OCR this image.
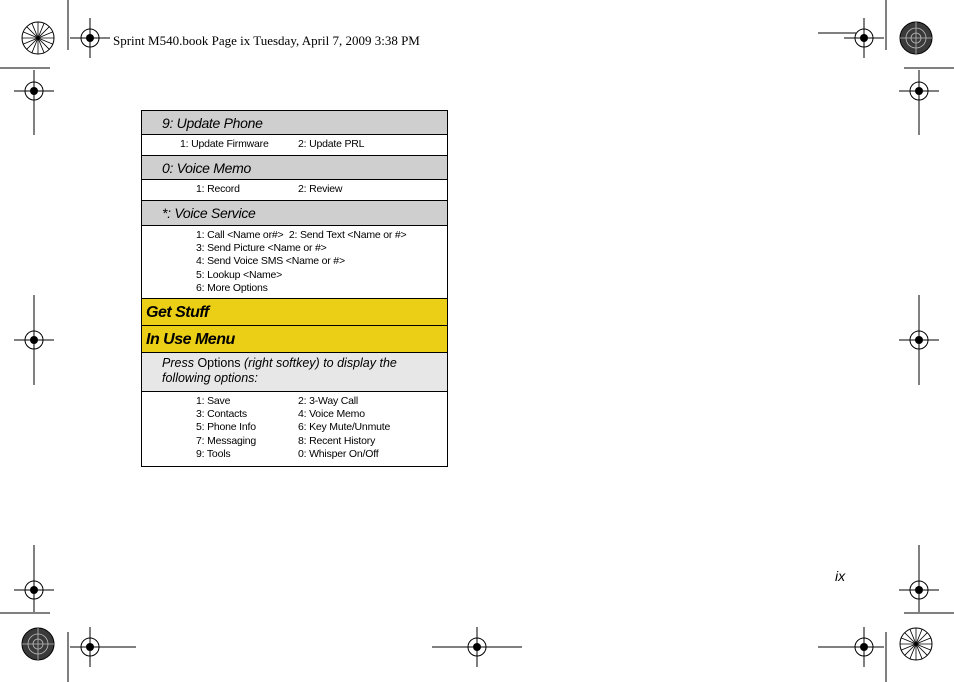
Sprint M540.book Page ix Tuesday, April 7, 2009 3:38 PM
9: Update Phone
1: Update Firmware	2: Update PRL
0: Voice Memo
1: Record	2: Review
*: Voice Service
1: Call <Name or#> 2: Send Text <Name or #>
3: Send Picture <Name or #>
4: Send Voice SMS <Name or #>
5: Lookup <Name>
6: More Options
Get Stuff
In Use Menu
Press Options (right softkey) to display the following options:
1: Save	2: 3-Way Call
3: Contacts	4: Voice Memo
5: Phone Info	6: Key Mute/Unmute
7: Messaging	8: Recent History
9: Tools	0: Whisper On/Off
ix
